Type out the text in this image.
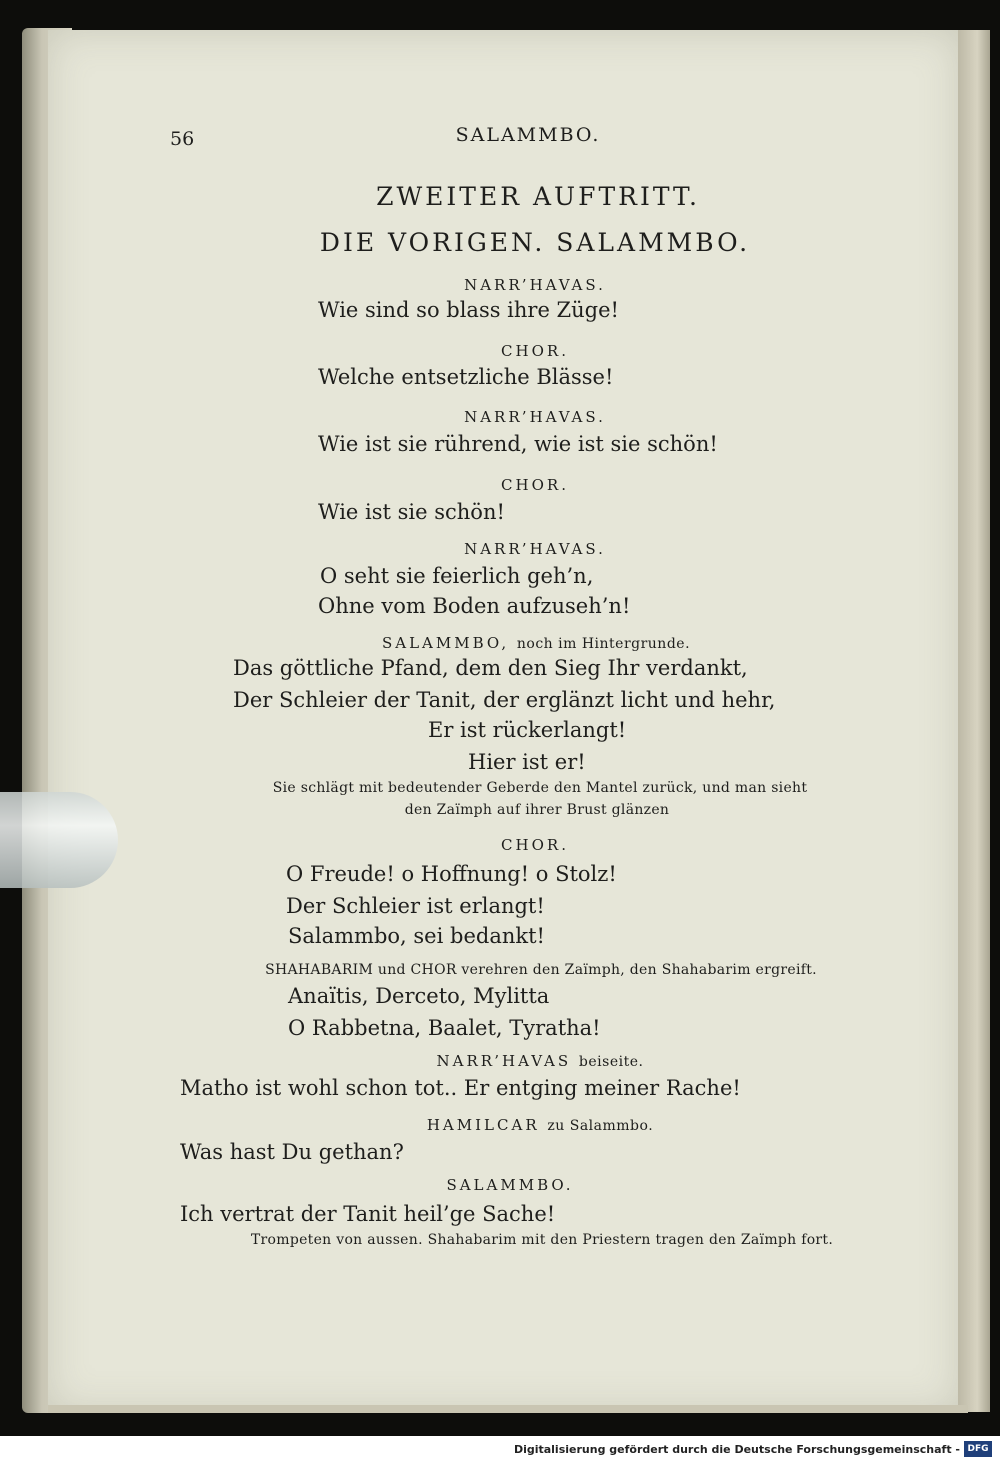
56	SALAMMBO.
ZWEITER AUFTRITT.
DIE VORIGEN. SALAMMBO.
NARR’HAVAS.
Wie sind so blass ihre Züge!
CHOR.
Welche entsetzliche Blässe!
NARR’HAVAS.
Wie ist sie rührend, wie ist sie schön!
CHOR.
Wie ist sie schön!
NARR’HAVAS.
O seht sie feierlich geh’n,
Ohne vom Boden aufzuseh’n!
SALAMMBO, noch im Hintergrunde.
Das göttliche Pfand, dem den Sieg Ihr verdankt,
Der Schleier der Tanit, der erglänzt licht und hehr,
Er ist rückerlangt!
Hier ist er!
Sie schlägt mit bedeutender Geberde den Mantel zurück, und man sieht
den Zaïmph auf ihrer Brust glänzen
CHOR.
O Freude! o Hoffnung! o Stolz!
Der Schleier ist erlangt!
Salammbo, sei bedankt!
SHAHABARIM und CHOR verehren den Zaïmph, den Shahabarim ergreift.
Anaïtis, Derceto, Mylitta
O Rabbetna, Baalet, Tyratha!
NARR’HAVAS beiseite.
Matho ist wohl schon tot.. Er entging meiner Rache!
HAMILCAR zu Salammbo.
Was hast Du gethan?
SALAMMBO.
Ich vertrat der Tanit heil’ge Sache!
Trompeten von aussen. Shahabarim mit den Priestern tragen den Zaïmph fort.
Digitalisierung gefördert durch die Deutsche Forschungsgemeinschaft - DFG
